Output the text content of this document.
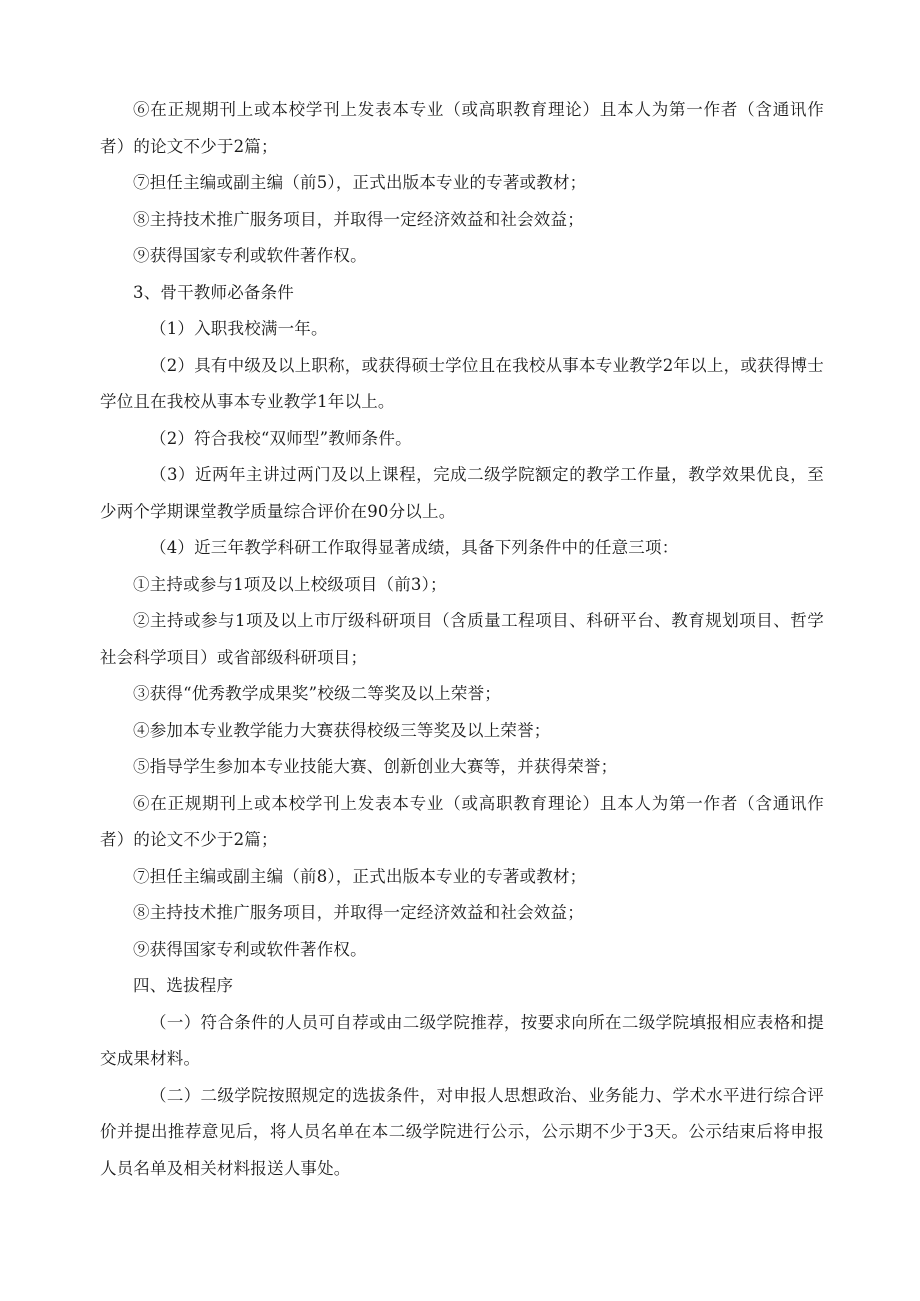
⑥在正规期刊上或本校学刊上发表本专业（或高职教育理论）且本人为第一作者（含通讯作者）的论文不少于2篇；

⑦担任主编或副主编（前5），正式出版本专业的专著或教材；

⑧主持技术推广服务项目，并取得一定经济效益和社会效益；

⑨获得国家专利或软件著作权。

3、骨干教师必备条件

（1）入职我校满一年。

（2）具有中级及以上职称，或获得硕士学位且在我校从事本专业教学2年以上，或获得博士学位且在我校从事本专业教学1年以上。

（2）符合我校“双师型”教师条件。

（3）近两年主讲过两门及以上课程，完成二级学院额定的教学工作量，教学效果优良，至少两个学期课堂教学质量综合评价在90分以上。

（4）近三年教学科研工作取得显著成绩，具备下列条件中的任意三项：

①主持或参与1项及以上校级项目（前3）；

②主持或参与1项及以上市厅级科研项目（含质量工程项目、科研平台、教育规划项目、哲学社会科学项目）或省部级科研项目；

③获得“优秀教学成果奖”校级二等奖及以上荣誉；

④参加本专业教学能力大赛获得校级三等奖及以上荣誉；

⑤指导学生参加本专业技能大赛、创新创业大赛等，并获得荣誉；

⑥在正规期刊上或本校学刊上发表本专业（或高职教育理论）且本人为第一作者（含通讯作者）的论文不少于2篇；

⑦担任主编或副主编（前8），正式出版本专业的专著或教材；

⑧主持技术推广服务项目，并取得一定经济效益和社会效益；

⑨获得国家专利或软件著作权。

四、选拔程序

（一）符合条件的人员可自荐或由二级学院推荐，按要求向所在二级学院填报相应表格和提交成果材料。

（二）二级学院按照规定的选拔条件，对申报人思想政治、业务能力、学术水平进行综合评价并提出推荐意见后，将人员名单在本二级学院进行公示，公示期不少于3天。公示结束后将申报人员名单及相关材料报送人事处。
